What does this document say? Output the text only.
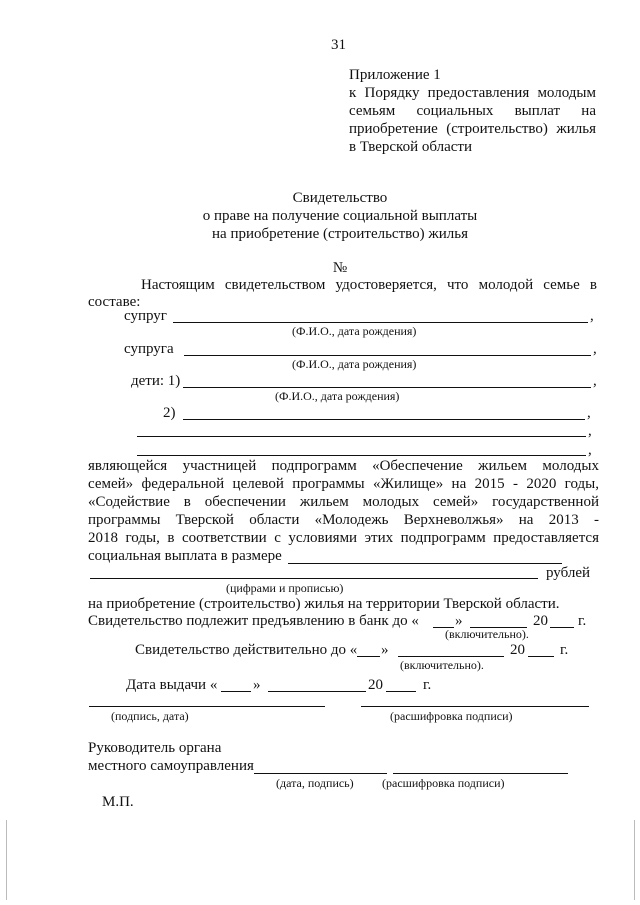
31
Приложение 1
к Порядку предоставления молодым
семьям социальных выплат на
приобретение (строительство) жилья
в Тверской области
Свидетельство
о праве на получение социальной выплаты
на приобретение (строительство) жилья
№
Настоящим свидетельством удостоверяется, что молодой семье в
составе:
супруг	,
(Ф.И.О., дата рождения)
супруга	,
(Ф.И.О., дата рождения)
дети: 1)	,
(Ф.И.О., дата рождения)
2)	,
,
,
являющейся участницей подпрограмм «Обеспечение жильем молодых
семей» федеральной целевой программы «Жилище» на 2015 - 2020 годы,
«Содействие в обеспечении жильем молодых семей» государственной
программы Тверской области «Молодежь Верхневолжья» на 2013 -
2018 годы, в соответствии с условиями этих подпрограмм предоставляется
социальная выплата в размере
рублей
(цифрами и прописью)
на приобретение (строительство) жилья на территории Тверской области.
Свидетельство подлежит предъявлению в банк до « »	20 г.
(включительно).
Свидетельство действительно до « »	20 г.
(включительно).
Дата выдачи « »	20	г.
(подпись, дата)	(расшифровка подписи)
Руководитель органа
местного самоуправления
(дата, подпись) (расшифровка подписи)
М.П.
